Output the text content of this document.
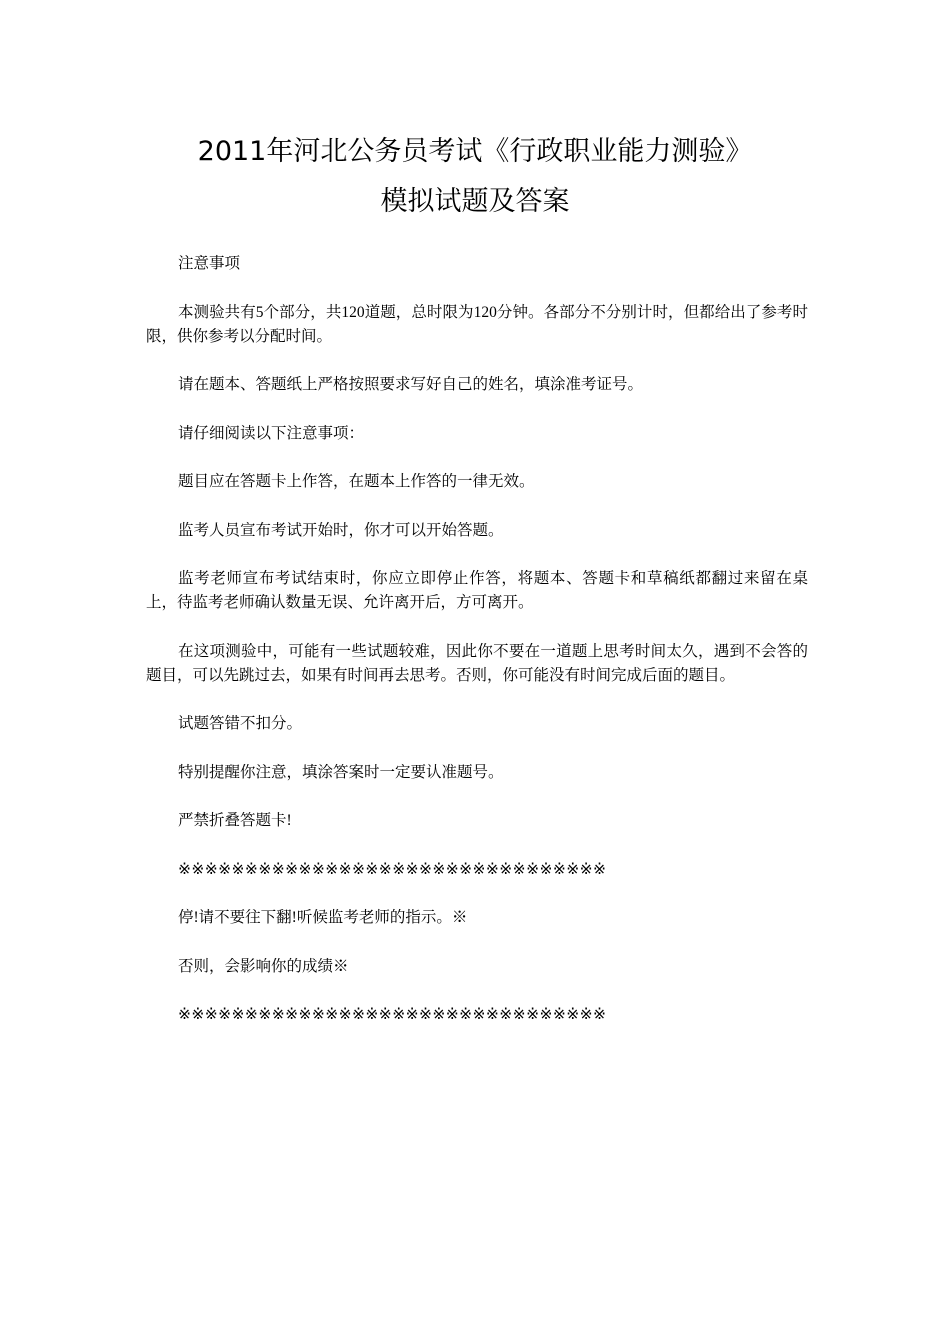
2011年河北公务员考试《行政职业能力测验》
模拟试题及答案

注意事项

本测验共有5个部分，共120道题，总时限为120分钟。各部分不分别计时，但都给出了参考时限，供你参考以分配时间。

请在题本、答题纸上严格按照要求写好自己的姓名，填涂准考证号。

请仔细阅读以下注意事项：

题目应在答题卡上作答，在题本上作答的一律无效。

监考人员宣布考试开始时，你才可以开始答题。

监考老师宣布考试结束时，你应立即停止作答，将题本、答题卡和草稿纸都翻过来留在桌上，待监考老师确认数量无误、允许离开后，方可离开。

在这项测验中，可能有一些试题较难，因此你不要在一道题上思考时间太久，遇到不会答的题目，可以先跳过去，如果有时间再去思考。否则，你可能没有时间完成后面的题目。

试题答错不扣分。

特别提醒你注意，填涂答案时一定要认准题号。

严禁折叠答题卡!

※※※※※※※※※※※※※※※※※※※※※※※※※※※※※※※※

停!请不要往下翻!听候监考老师的指示。※

否则，会影响你的成绩※

※※※※※※※※※※※※※※※※※※※※※※※※※※※※※※※※
